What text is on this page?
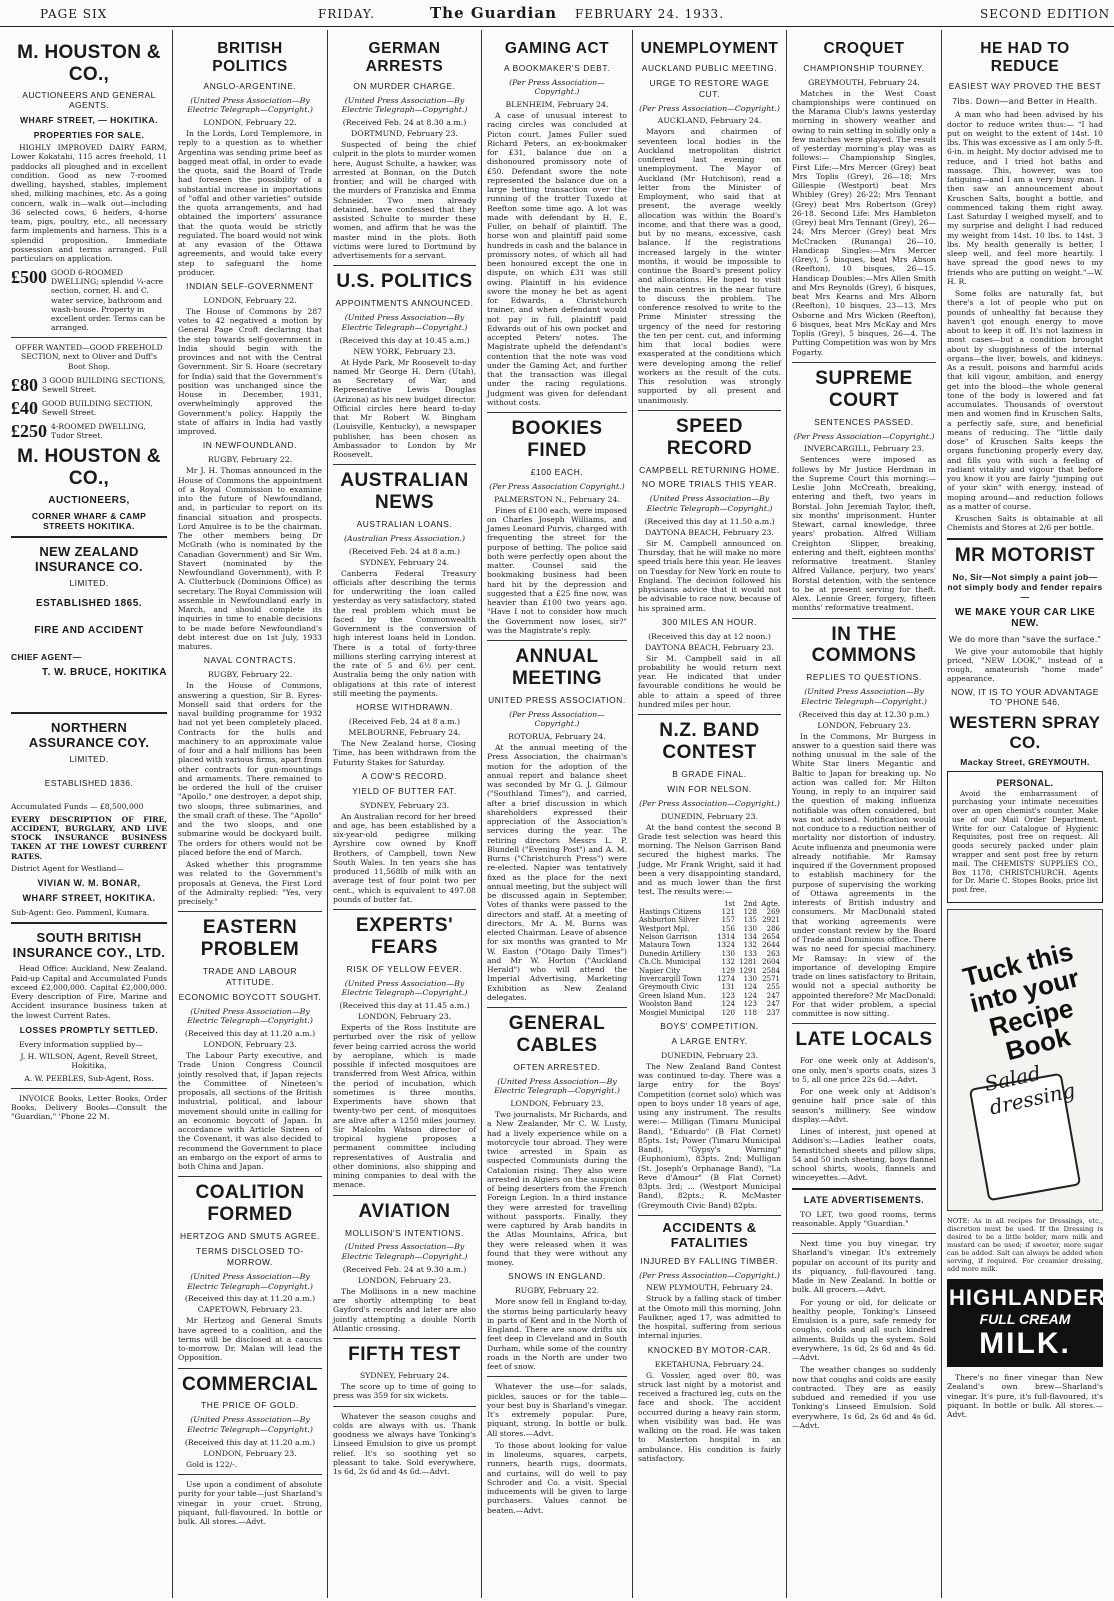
PAGE SIX	FRIDAY.	The Guardian FEBRUARY 24. 1933.	SECOND EDITION
M. HOUSTON & CO.,
AUCTIONEERS AND GENERAL AGENTS.
WHARF STREET, — HOKITIKA.
PROPERTIES FOR SALE.

HIGHLY IMPROVED DAIRY FARM, Lower Kokatahi, 115 acres freehold, 11 paddocks all ploughed and in excellent condition. Good as new 7-roomed dwelling, hayshed, stables, implement shed, milking machines, etc. As a going concern, walk in—walk out—including 36 selected cows, 6 heifers, 4-horse team, pigs, poultry, etc., all necessary farm implements and harness. This is a splendid proposition. Immediate possession and terms arranged. Full particulars on application.

£500 GOOD 6-ROOMED DWELLING; splendid ¼-acre section, corner, H. and C. water service, bathroom and wash-house. Property in excellent order. Terms can be arranged.

OFFER WANTED—GOOD FREEHOLD SECTION, next to Oliver and Duff's Boot Shop.

£80 3 GOOD BUILDING SECTIONS, Sewell Street.
£40 GOOD BUILDING SECTION, Sewell Street.
£250 4-ROOMED DWELLING, Tudor Street.
M. HOUSTON & CO.,
AUCTIONEERS,
CORNER WHARF & CAMP STREETS HOKITIKA.
NEW ZEALAND INSURANCE CO.
LIMITED.
ESTABLISHED 1865.
FIRE AND ACCIDENT
CHIEF AGENT—
T. W. BRUCE, HOKITIKA
NORTHERN ASSURANCE COY.
LIMITED.
ESTABLISHED 1836.

Accumulated Funds — £8,500,000

EVERY DESCRIPTION OF FIRE, ACCIDENT, BURGLARY, AND LIVE STOCK INSURANCE BUSINESS TAKEN AT THE LOWEST CURRENT RATES.

District Agent for Westland—

VIVIAN W. M. BONAR,
WHARF STREET, HOKITIKA.

Sub-Agent: Geo. Pammenl, Kumara.

SOUTH BRITISH INSURANCE COY., LTD.

Head Office: Auckland, New Zealand. Paid-up Capital and Accumulated Funds exceed £2,000,000. Capital £2,000,000. Every description of Fire, Marine and Accident insurance business taken at the lowest Current Rates.

LOSSES PROMPTLY SETTLED.

Every information supplied by—

J. H. WILSON, Agent, Revell Street, Hokitika,

A. W. PEEBLES, Sub-Agent, Ross.

INVOICE Books, Letter Books, Order Books, Delivery Books—Consult the "Guardian," 'Phone 22 M.

BRITISH POLITICS
ANGLO-ARGENTINE.
(United Press Association—By Electric Telegraph—Copyright.)
LONDON, February 22.

In the Lords, Lord Templemore, in reply to a question as to whether Argentina was sending prime beef as bagged meat offal, in order to evade the quota, said the Board of Trade had foreseen the possibility of a substantial increase in importations of "offal and other varieties" outside the quota arrangements, and had obtained the importers' assurance that the quota would be strictly regulated. The board would not wink at any evasion of the Ottawa agreements, and would take every step to safeguard the home producer.

INDIAN SELF-GOVERNMENT
LONDON, February 22.

The House of Commons by 287 votes to 42 negatived a motion by General Page Croft declaring that the step towards self-government in India should begin with the provinces and not with the Central Government. Sir S. Hoare (secretary for India) said that the Government's position was unchanged since the House in December, 1931, overwhelmingly approved the Government's policy. Happily the state of affairs in India had vastly improved.

IN NEWFOUNDLAND.
RUGBY, February 22.

Mr J. H. Thomas announced in the House of Commons the appointment of a Royal Commission to examine into the future of Newfoundland, and, in particular to report on its financial situation and prospects. Lord Amulree is to be the chairman. The other members being Dr McGrath (who is nominated by the Canadian Government) and Sir Wm. Stavert (nominated by the Newfoundland Government), with P. A. Clutterbuck (Dominions Office) as secretary. The Royal Commission will assemble in Newfoundland early in March, and should complete its inquiries in time to enable decisions to be made before Newfoundland's debt interest due on 1st July, 1933 matures.

NAVAL CONTRACTS.
RUGBY, February 22.

In the House of Commons, answering a question, Sir B. Eyres-Monsell said that orders for the naval building programme for 1932 had not yet been completely placed. Contracts for the hulls and machinery to an approximate value of four and a half millions has been placed with various firms, apart from other contracts for gun-mountings and armaments. There remained to be ordered the hull of the cruiser "Apollo," one destroyer, a depot ship, two sloops, three submarines, and the small craft of these. The "Apollo" and the two sloops, and one submarine would be dockyard built. The orders for others would not be placed before the end of March.

Asked whether this programme was related to the Government's proposals at Geneva, the First Lord of the Admiralty replied: "Yes, very precisely."

EASTERN PROBLEM
TRADE AND LABOUR ATTITUDE.
ECONOMIC BOYCOTT SOUGHT.
(United Press Association—By Electric Telegraph—Copyright.)
(Received this day at 11.20 a.m.)
LONDON, February 23.

The Labour Party executive, and Trade Union Congress Council jointly resolved that, if Japan rejects the Committee of Nineteen's proposals, all sections of the British industrial, political, and labour movement should unite in calling for an economic boycott of Japan. In accordance with Article Sixteen of the Covenant, it was also decided to recommend the Government to place an embargo on the export of arms to both China and Japan.

COALITION FORMED
HERTZOG AND SMUTS AGREE.
TERMS DISCLOSED TO-MORROW.
(United Press Association—By Electric Telegraph—Copyright.)
(Received this day at 11.20 a.m.)
CAPETOWN, February 23.

Mr Hertzog and General Smuts have agreed to a coalition, and the terms will be disclosed at a caucus to-morrow. Dr. Malan will lead the Opposition.

COMMERCIAL
THE PRICE OF GOLD.
(United Press Association—By Electric Telegraph—Copyright.)
(Received this day at 11.20 a.m.)
LONDON, February 23.

Gold is 122/-.

Use upon a condiment of absolute purity for your table—just Sharland's vinegar in your cruet. Strong, piquant, full-flavoured. In bottle or bulk. All stores.—Advt.

GERMAN ARRESTS
ON MURDER CHARGE.
(United Press Association—By Electric Telegraph—Copyright.)
(Received Feb. 24 at 8.30 a.m.)
DORTMUND, February 23.

Suspected of being the chief culprit in the plots to murder women here, August Schulte, a hawker, was arrested at Bonnan, on the Dutch frontier, and will be charged with the murders of Franziska and Emma Schneider. Two men already detained, have confessed that they assisted Schulte to murder these women, and affirm that he was the master mind in the plots. Both victims were lured to Dortmund by advertisements for a servant.

U.S. POLITICS
APPOINTMENTS ANNOUNCED.
(United Press Association—By Electric Telegraph—Copyright.)
(Received this day at 10.45 a.m.)
NEW YORK, February 23.

At Hyde Park, Mr Roosevelt to-day named Mr George H. Dern (Utah), as Secretary of War, and Representative Lewis Douglas (Arizona) as his new budget director. Official circles here heard to-day that Mr Robert W. Bingham (Louisville, Kentucky), a newspaper publisher, has been chosen as Ambassador to London by Mr Roosevelt.

AUSTRALIAN NEWS
AUSTRALIAN LOANS.
(Australian Press Association.)
(Received Feb. 24 at 8 a.m.)
SYDNEY, February 24.

Canberra Federal Treasury officials after describing the terms for underwriting the loan called yesterday as very satisfactory, stated the real problem which must be faced by the Commonwealth Government is the conversion of high interest loans held in London. There is a total of forty-three millions sterling carrying interest at the rate of 5 and 6½ per cent. Australia being the only nation with obligations at this rate of interest still meeting the payments.

HORSE WITHDRAWN.
(Received Feb. 24 at 8 a.m.)
MELBOURNE, February 24.

The New Zealand horse, Closing Time, has been withdrawn from the Futurity Stakes for Saturday.

A COW'S RECORD.
YIELD OF BUTTER FAT.
SYDNEY, February 23.

An Australian record for her breed and age, has been established by a six-year-old pedigree milking Ayrshire cow owned by Knoff Brothers, of Campbell, town New South Wales. In ten years she has produced 11,568lb of milk with an average test of four point two per cent., which is equivalent to 497.08 pounds of butter fat.

EXPERTS' FEARS
RISK OF YELLOW FEVER.
(United Press Association—By Electric Telegraph—Copyright.)
(Received this day at 11.45 a.m.)
LONDON, February 23.

Experts of the Ross Institute are perturbed over the risk of yellow fever being carried across the world by aeroplane, which is made possible if infected mosquitoes are transferred from West Africa, within the period of incubation, which sometimes is three months. Experiments have shown that twenty-two per cent. of mosquitoes are alive after a 1250 miles journey. Sir Malcolm Watson director of tropical hygiene proposes a permanent committee including representatives of Australia and other dominions, also shipping and mining companies to deal with the menace.

AVIATION
MOLLISON'S INTENTIONS.
(United Press Association—By Electric Telegraph—Copyright.)
(Received Feb. 24 at 9.30 a.m.)
LONDON, February 23.

The Mollisons in a new machine are shortly attempting to beat Gayford's records and later are also jointly attempting a double North Atlantic crossing.

FIFTH TEST
SYDNEY, February 24.

The score up to time of going to press was 359 for six wickets.

Whatever the season coughs and colds are always with us. Thank goodness we always have Tonking's Linseed Emulsion to give us prompt relief. It's so soothing yet so pleasant to take. Sold everywhere, 1s 6d, 2s 6d and 4s 6d.—Advt.

GAMING ACT
A BOOKMAKER'S DEBT.
(Per Press Association—Copyright.)
BLENHEIM, February 24.

A case of unusual interest to racing circles was concluded at Picton court. James Fuller sued Richard Peters, an ex-bookmaker for £31, balance due on a dishonoured promissory note of £50. Defendant swore the note represented the balance due on a large betting transaction over the running of the trotter Tuxedo at Reefton some time ago. A lot was made with defendant by H. E. Fuller, on behalf of plaintiff. The horse won and plaintiff paid some hundreds in cash and the balance in promissory notes, of which all had been honoured except the one in dispute, on which £31 was still owing. Plaintiff in his evidence swore the money he bet as agent for Edwards, a Christchurch trainer, and when defendant would not pay in full, plaintiff paid Edwards out of his own pocket and accepted Peters' notes. The Magistrate upheld the defendant's contention that the note was void under the Gaming Act, and further that the transaction was illegal under the racing regulations. Judgment was given for defendant without costs.

BOOKIES FINED
£100 EACH.
(Per Press Association Copyright.)
PALMERSTON N., February 24.

Fines of £100 each, were imposed on Charles Joseph Williams, and James Leonard Purvis, charged with frequenting the street for the purpose of betting. The police said both were perfectly open about the matter. Counsel said the bookmaking business had been hard hit by the depression and suggested that a £25 fine now, was heavier than £100 two years ago. "Have I not to consider how much the Government now loses, sir?" was the Magistrate's reply.

ANNUAL MEETING
UNITED PRESS ASSOCIATION.
(Per Press Association—Copyright.)
ROTORUA, February 24.

At the annual meeting of the Press Association, the chairman's motion for the adoption of the annual report and balance sheet was seconded by Mr G. J. Gilmour ("Southland Times"), and carried, after a brief discussion in which shareholders expressed their appreciation of the Association's services during the year. The retiring directors Messrs L. P. Blundell ("Evening Post") and A. M. Burns ("Christchurch Press") were re-elected. Napier was tentatively fixed as the place for the next annual meeting, but the subject will be discussed again in September. Votes of thanks were passed to the directors and staff. At a meeting of directors, Mr A. M. Burns was elected Chairman. Leave of absence for six months was granted to Mr W. Easton ("Otago Daily Times") and Mr W. Horton ("Auckland Herald") who will attend the Imperial Advertising, Marketing Exhibition as New Zealand delegates.

GENERAL CABLES
OFTEN ARRESTED.
(United Press Association—By Electric Telegraph—Copyright.)
LONDON, February 23.

Two journalists, Mr Richards, and a New Zealander, Mr C. W. Lusty, had a lively experience while on a motorcycle tour abroad. They were twice arrested in Spain as suspected Communists during the Catalonian rising. They also were arrested in Algiers on the suspicion of being deserters from the French Foreign Legion. In a third instance they were arrested for travelling without passports. Finally, they were captured by Arab bandits in the Atlas Mountains, Africa, but they were released when it was found that they were without any money.

SNOWS IN ENGLAND.
RUGBY, February 22.

More snow fell in England to-day, the storms being particularly heavy in parts of Kent and in the North of England. There are snow drifts six feet deep in Cleveland and in South Durham, while some of the country roads in the North are under two feet of snow.

Whatever the use—for salads, pickles, sauces or for the table—your best buy is Sharland's vinegar. It's extremely popular. Pure, piquant, strong. In bottle or bulk. All stores.—Advt.

To those about looking for value in linoleums, squares, carpets, runners, hearth rugs, doormats, and curtains, will do well to pay Schroder and Co. a visit. Special inducements will be given to large purchasers. Values cannot be beaten.—Advt.

UNEMPLOYMENT
AUCKLAND PUBLIC MEETING.
URGE TO RESTORE WAGE CUT.
(Per Press Association—Copyright.)
AUCKLAND, February 24.

Mayors and chairmen of seventeen local bodies in the Auckland metropolitan district conferred last evening on unemployment. The Mayor of Auckland (Mr Hutchison), read a letter from the Minister of Employment, who said that at present, the average weekly allocation was within the Board's income, and that there was a good, but by no means, excessive, cash balance. If the registrations increased largely in the winter months, it would be impossible to continue the Board's present policy and allocations. He hoped to visit the main centres in the near future to discuss the problem. The conference resolved to write to the Prime Minister stressing the urgency of the need for restoring the ten per cent. cut, and informing him that local bodies were exasperated at the conditions which were developing among the relief workers as the result of the cuts. This resolution was strongly supported by all present and unanimously.

SPEED RECORD
CAMPBELL RETURNING HOME.
NO MORE TRIALS THIS YEAR.
(United Press Association—By Electric Telegraph—Copyright.)
(Received this day at 11.50 a.m.)
DAYTONA BEACH, February 23.

Sir M. Campbell announced on Thursday, that he will make no more speed trials here this year. He leaves on Tuesday for New York en route to England. The decision followed his physicians advice that it would not be advisable to race now, because of his sprained arm.

300 MILES AN HOUR.
(Received this day at 12 noon.)
DAYTONA BEACH, February 23.

Sir M. Campbell said in all probability he would return next year. He indicated that under favourable conditions he would be able to attain a speed of three hundred miles per hour.

N.Z. BAND CONTEST
B GRADE FINAL.
WIN FOR NELSON.
(Per Press Association—Copyright.)
DUNEDIN, February 23.

At the band contest the second B Grade test selection was heard this morning. The Nelson Garrison Band secured the highest marks. The Judge, Mr Frank Wright, said it had been a very disappointing standard, and as much lower than the first test. The results were:—

	1st	2nd	Agte.
Hastings Citizens	121	128	269
Ashburton Silver	157	135	2921
Westport Mpl.	156	130	286
Nelson Garrison	1314	134	2654
Mataura Town	1324	132	2644
Dunedin Artillery	130	133	263
Ch.Ch. Municipal	132	1281	2604
Napier City	129	1291	2584
Invercargill Town	1274	130	2571
Greymouth Civic	131	124	255
Green Island Mun.	123	124	247
Woolston Band	124	123	247
Mosgiel Municipal	120	118	237
BOYS' COMPETITION.
A LARGE ENTRY.
DUNEDIN, February 23.

The New Zealand Band Contest was continued to-day. There was a large entry for the Boys' Competition (cornet solo) which was open to boys under 18 years of age, using any instrument. The results were:— Milligan (Timaru Municipal Band), "Eduardo" (B Flat Cornet) 85pts. 1st; Power (Timaru Municipal Band), "Gypsy's Warning" (Euphonium), 83pts. 2nd; Mulligan (St. Joseph's Orphanage Band), "La Reve d'Amour" (B Flat Cornet) 83pts. 3rd; ... (Westport Municipal Band), 82pts.; R. McMaster (Greymouth Civic Band) 82pts.

ACCIDENTS & FATALITIES
INJURED BY FALLING TIMBER.
(Per Press Association—Copyright.)
NEW PLYMOUTH, February 24.

Struck by a falling stack of timber at the Omoto mill this morning, John Faulkner, aged 17, was admitted to the hospital, suffering from serious internal injuries.

KNOCKED BY MOTOR-CAR.
EKETAHUNA, February 24.

G. Vossler, aged over 80, was struck last night by a motorist and received a fractured leg, cuts on the face and shock. The accident occurred during a heavy rain storm, when visibility was bad. He was walking on the road. He was taken to Masterton hospital in an ambulance. His condition is fairly satisfactory.

CROQUET
CHAMPIONSHIP TOURNEY.
GREYMOUTH, February 24.

Matches in the West Coast championships were continued on the Marama Club's lawns yesterday morning in showery weather and owing to rain setting in solidly only a few matches were played. The result of yesterday morning's play was as follows:— Championship Singles, First Life:—Mrs Mercer (Grey) beat Mrs Toplis (Grey), 26—18; Mrs Gillespie (Westport) beat Mrs Whibley (Grey) 26-22; Mrs Tennant (Grey) beat Mrs Robertson (Grey) 26-18. Second Life: Mrs Hambleton (Grey) beat Mrs Tennant (Grey), 26—24; Mrs Mercer (Grey) beat Mrs McCracken (Runanga) 26—10. Handicap Singles:—Mrs Mercer (Grey), 5 bisques, beat Mrs Abson (Reefton), 10 bisques, 26—15. Handicap Doubles:—Mrs Allen Smith and Mrs Reynolds (Grey), 6 bisques, beat Mrs Kearns and Mrs Alborn (Reefton), 10 bisques, 23—13. Mrs Osborne and Mrs Wicken (Reefton), 6 bisques, beat Mrs McKay and Mrs Toplis (Grey), 5 bisques, 26—4. The Putting Competition was won by Mrs Fogarty.

SUPREME COURT
SENTENCES PASSED.
(Per Press Association—Copyright.)
INVERCARGILL, February 23.

Sentences were imposed as follows by Mr Justice Herdman in the Supreme Court this morning:— Leslie John McCreath, breaking, entering and theft, two years in Borstal. John Jeremiah Taylor, theft, six months' imprisonment. Hunter Stewart, carnal knowledge, three years' probation. Alfred William Creighton Slipper, breaking, entering and theft, eighteen months' reformative treatment. Stanley Alfred Vallance, perjury, two years' Borstal detention, with the sentence to be at present serving for theft. Alex. Lennie Greer, forgery, fifteen months' reformative treatment.

IN THE COMMONS
REPLIES TO QUESTIONS.
(United Press Association—By Electric Telegraph—Copyright.)
(Received this day at 12.30 p.m.)
LONDON, February 23.

In the Commons, Mr Burgess in answer to a question said there was nothing unusual in the sale of the White Star liners Megantic and Baltic to Japan for breaking up. No action was called for. Mr Hilton Young, in reply to an inquirer said the question of making influenza notifiable was often considered, but was not advised. Notification would not conduce to a reduction neither of mortality nor distortion of industry. Acute influenza and pneumonia were already notifiable. Mr Ramsay inquired if the Government proposed to establish machinery for the purpose of supervising the working of Ottawa agreements in the interests of British industry and consumers. Mr MacDonald stated that working agreements were under constant review by the Board of Trade and Dominions office. There was no need for special machinery. Mr Ramsay: In view of the importance of developing Empire trade on lines satisfactory to Britain, would not a special authority be appointed therefore? Mr MacDonald: For that wider problem, a special committee is now sitting.

LATE LOCALS

For one week only at Addison's, one only, men's sports coats, sizes 3 to 5, all one price 22s 6d.—Advt.

For one week only at Addison's genuine half price sale of this season's millinery. See window display.—Advt.

Lines of interest, just opened at Addison's:—Ladies leather coats, hemstitched sheets and pillow slips, 54 and 50 inch sheeting, boys flannel school shirts, wools, flannels and winceyettes.—Advt.

LATE ADVERTISEMENTS.

TO LET, two good rooms, terms reasonable. Apply "Guardian."

Next time you buy vinegar, try Sharland's vinegar. It's extremely popular on account of its purity and its piquancy, full-flavoured tang. Made in New Zealand. In bottle or bulk. All grocers.—Advt.

For young or old, for delicate or healthy people, Tonking's Linseed Emulsion is a pure, safe remedy for coughs, colds and all such kindred ailments. Builds up the system. Sold everywhere, 1s 6d, 2s 6d and 4s 6d.—Advt.

The weather changes so suddenly now that coughs and colds are easily contracted. They are as easily subdued and remedied if you use Tonking's Linseed Emulsion. Sold everywhere, 1s 6d, 2s 6d and 4s 6d.—Advt.

HE HAD TO REDUCE
EASIEST WAY PROVED THE BEST
7lbs. Down—and Better in Health.

A man who had been advised by his doctor to reduce writes thus:— "I had put on weight to the extent of 14st. 10 lbs. This was excessive as I am only 5-ft. 6-in. in height. My doctor advised me to reduce, and I tried hot baths and massage. This, however, was too fatiguing—and I am a very busy man. I then saw an announcement about Kruschen Salts, bought a bottle, and commenced taking them right away. Last Saturday I weighed myself, and to my surprise and delight I had reduced my weight from 14st. 10 lbs. to 14st. 3 lbs. My health generally is better, I sleep well, and feel more heartily. I have spread the good news to my friends who are putting on weight."—W. H. R.

Some folks are naturally fat, but there's a lot of people who put on pounds of unhealthy fat because they haven't got enough energy to move about to keep it off. It's not laziness in most cases—but a condition brought about by sluggishness of the internal organs—the liver, bowels, and kidneys. As a result, poisons and harmful acids that kill vigour, ambition, and energy get into the blood—the whole general tone of the body is lowered and fat accumulates. Thousands of overstout men and women find in Kruschen Salts, a perfectly safe, sure, and beneficial means of reducing. The "little daily dose" of Kruschen Salts keeps the organs functioning properly every day, and fills you with such a feeling of radiant vitality and vigour that before you know it you are fairly "jumping out of your skin" with energy, instead of moping around—and reduction follows as a matter of course.

Kruschen Salts is obtainable at all Chemists and Stores at 2/6 per bottle.

MR MOTORIST
No, Sir—Not simply a paint job—not simply body and fender repairs—
WE MAKE YOUR CAR LIKE NEW.
We do more than "save the surface."

We give your automobile that highly priced, "NEW LOOK," instead of a rough, amateurish "home made" appearance.

NOW, IT IS TO YOUR ADVANTAGE TO 'PHONE 546.
WESTERN SPRAY CO.
Mackay Street, GREYMOUTH.
PERSONAL.

Avoid the embarrassment of purchasing your intimate necessities over an open chemist's counter. Make use of our Mail Order Department. Write for our Catalogue of Hygienic Requisites, post free on request. All goods securely packed under plain wrapper and sent post free by return mail. The CHEMISTS' SUPPLIES CO., Box 1178, CHRISTCHURCH. Agents for Dr. Marie C. Stopes Books, price list post free.

Tuck this into your Recipe Book
Salad dressing

NOTE: As in all recipes for Dressings, etc., discretion must be used. If the Dressing is desired to be a little bolder, more milk and mustard can be used; if sweeter, more sugar can be added. Salt can always be added when serving, if required. For creamier dressing, add more milk.

HIGHLANDER
FULL CREAM
MILK.

There's no finer vinegar than New Zealand's own brew—Sharland's vinegar. It's pure, it's full-flavoured, it's piquant. In bottle or bulk. All stores.—Advt.
